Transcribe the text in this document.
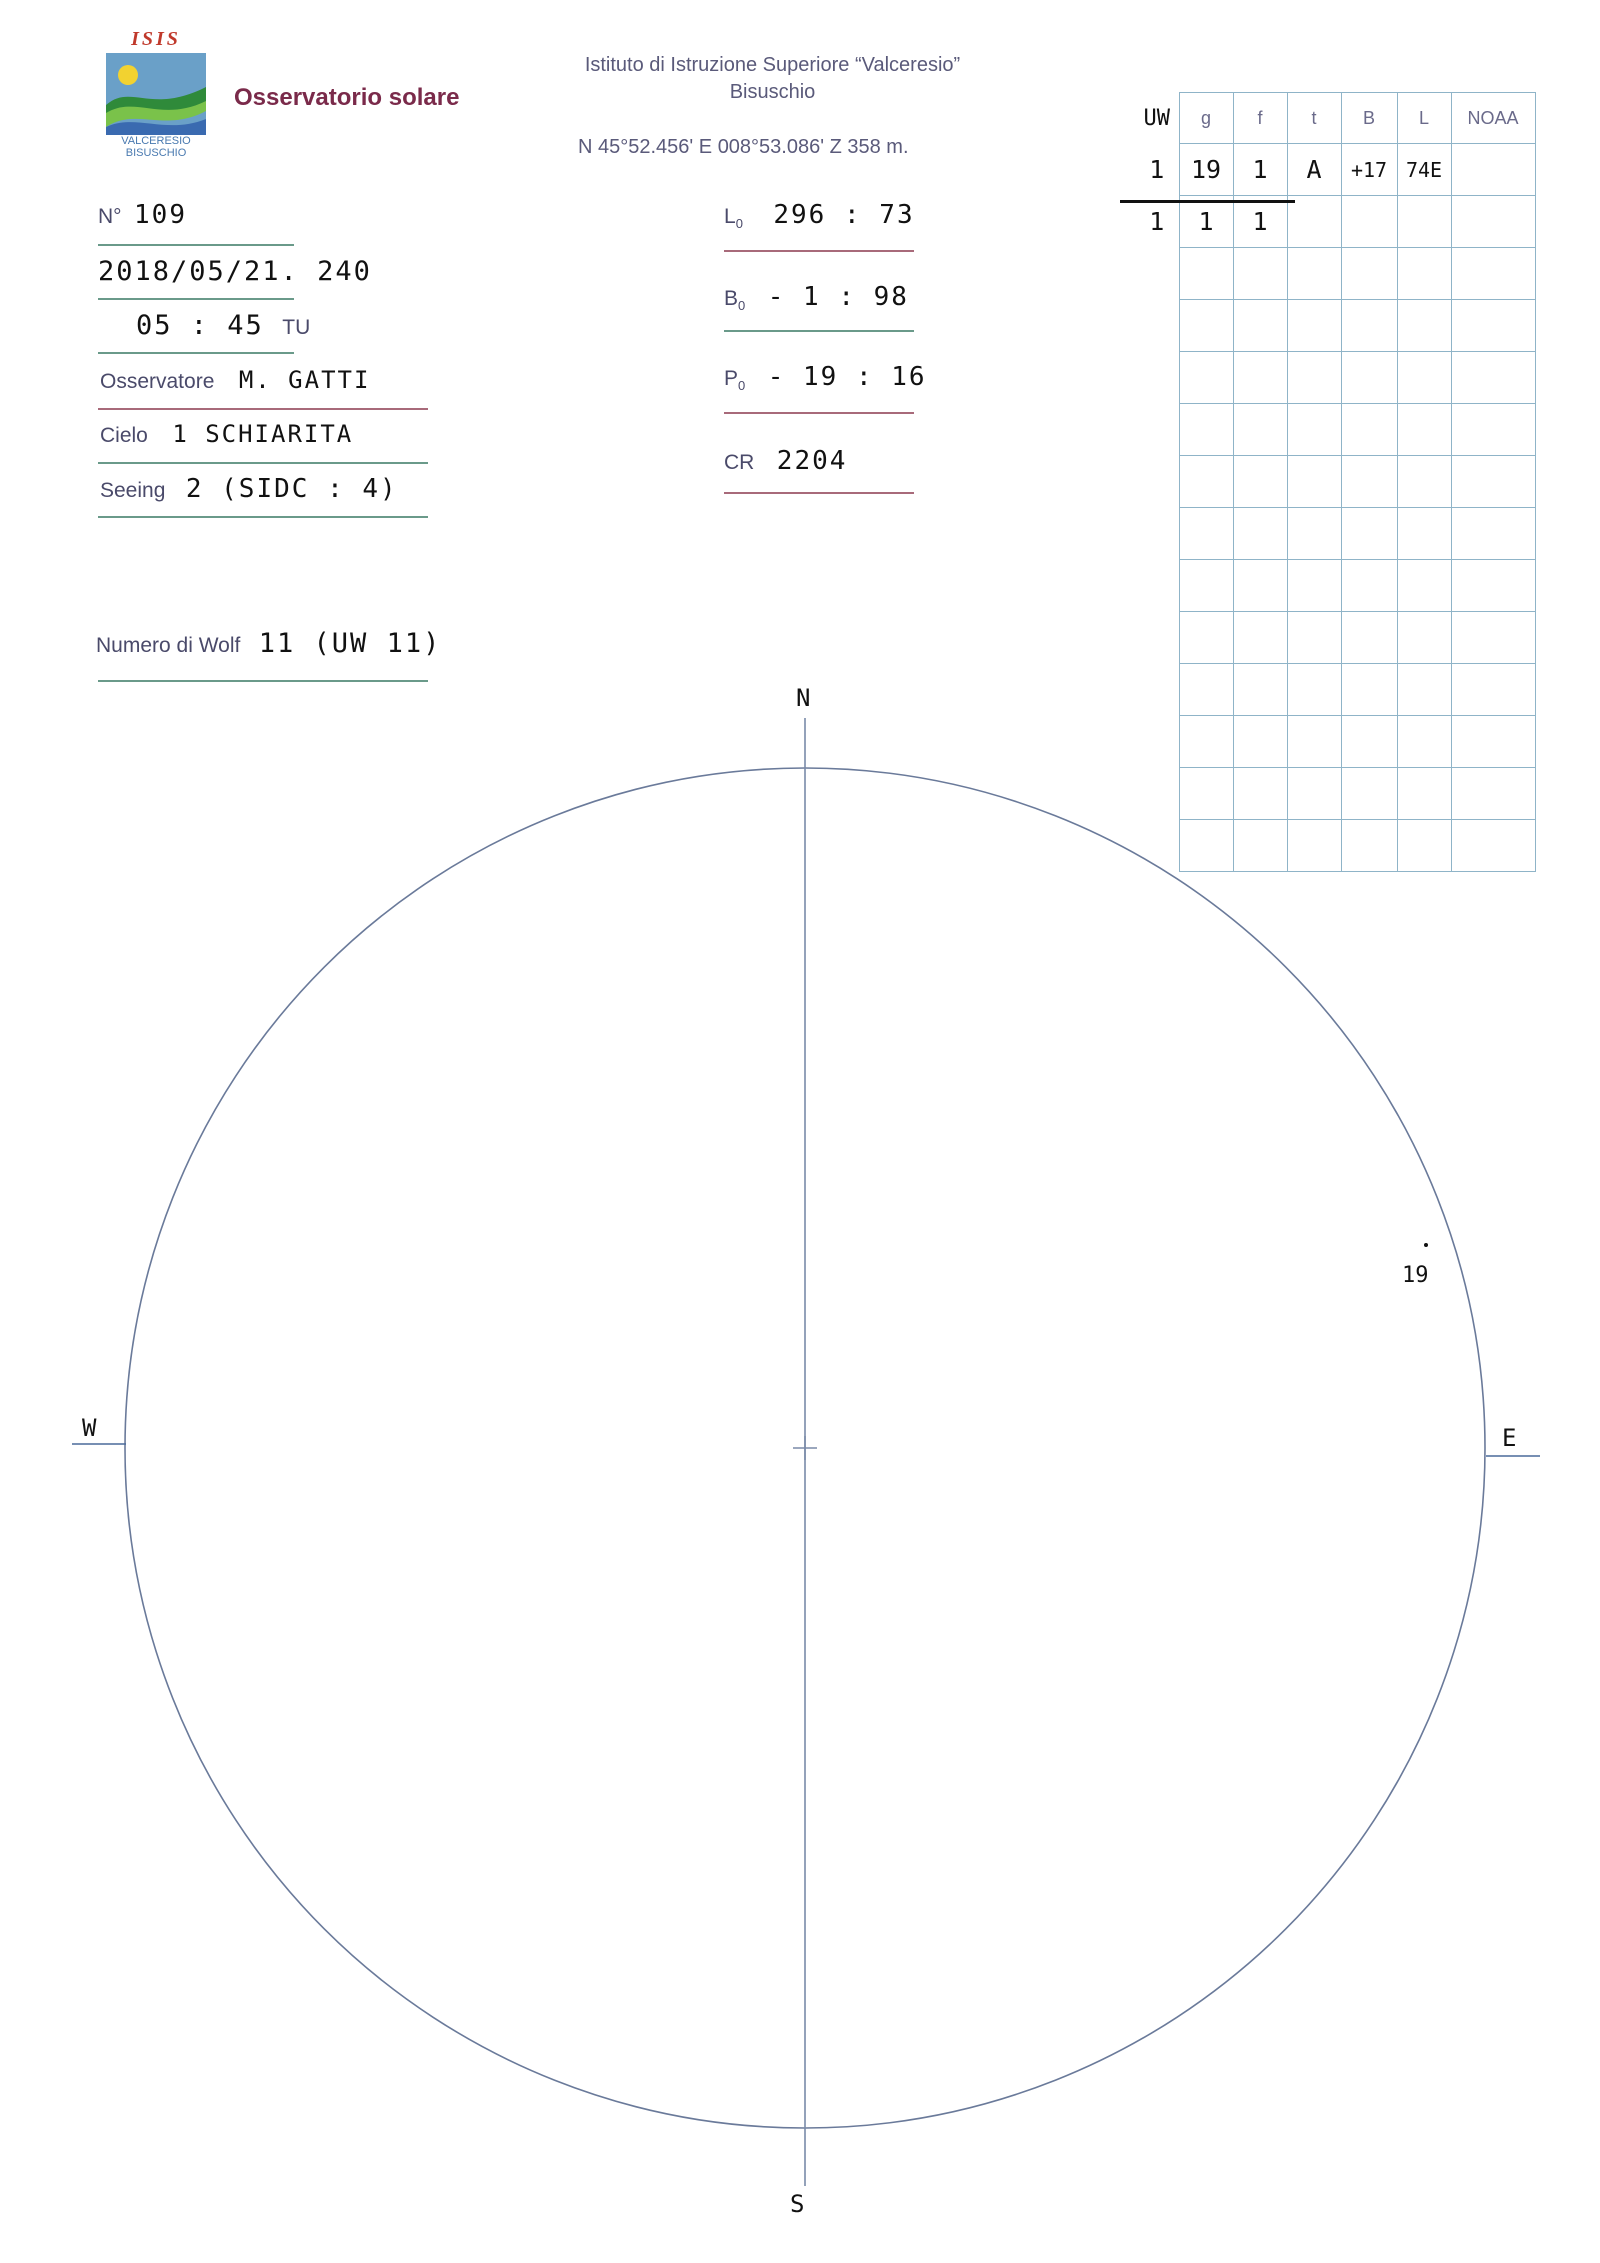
ISIS
VALCERESIO
BISUSCHIO
Osservatorio solare
Istituto di Istruzione Superiore “Valceresio”
Bisuschio
N 45°52.456' E 008°53.086' Z 358 m.
N° 109
2018/05/21. 240
05 : 45 TU
Osservatore M. GATTI
Cielo 1 SCHIARITA
Seeing 2 (SIDC : 4)
Numero di Wolf 11 (UW 11)
$L_0$ 296 : 73
$B_0 - 1$ : 98
$P_0 - 19$ : 16
CR 2204
UW	g	f	t	B	L	NOAA
1	19	1	A	+17	74E	
1	1	1				

N
S
E
W
19
